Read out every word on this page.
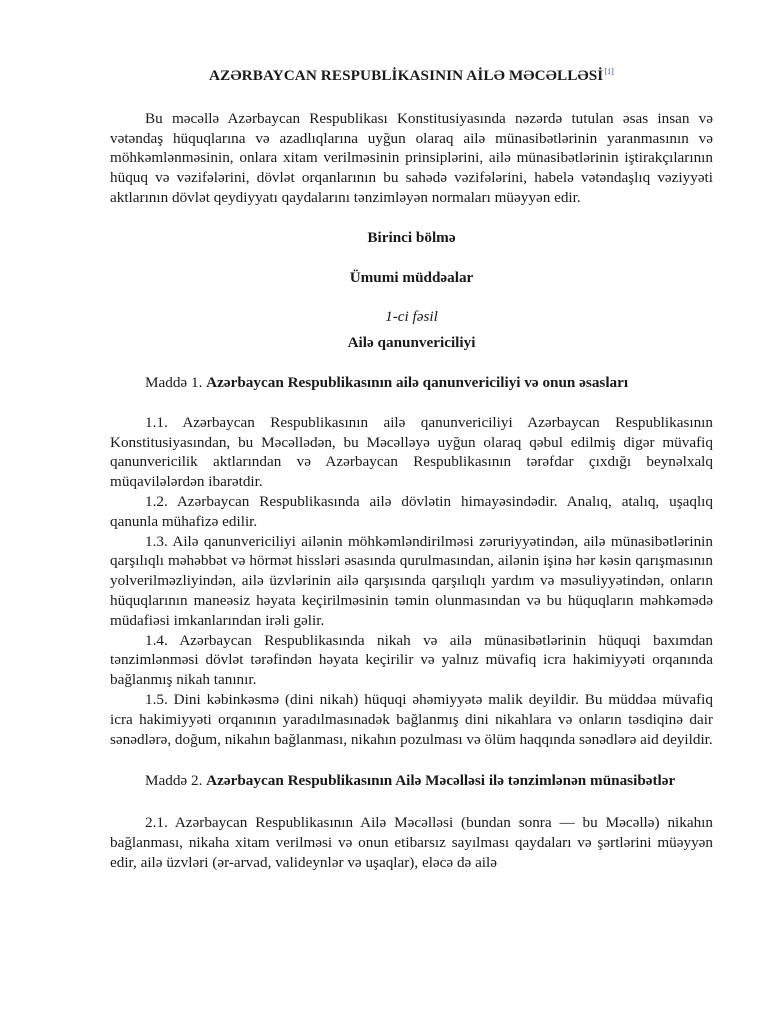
AZƏRBAYCAN RESPUBLİKASININ AİLƏ MƏCƏLLƏSİ[1]

Bu məcəllə Azərbaycan Respublikası Konstitusiyasında nəzərdə tutulan əsas insan və vətəndaş hüquqlarına və azadlıqlarına uyğun olaraq ailə münasibətlərinin yaranmasının və möhkəmlənməsinin, onlara xitam verilməsinin prinsiplərini, ailə münasibətlərinin iştirakçılarının hüquq və vəzifələrini, dövlət orqanlarının bu sahədə vəzifələrini, habelə vətəndaşlıq vəziyyəti aktlarının dövlət qeydiyyatı qaydalarını tənzimləyən normaları müəyyən edir.

Birinci bölmə

Ümumi müddəalar

1-ci fəsil

Ailə qanunvericiliyi

Maddə 1. Azərbaycan Respublikasının ailə qanunvericiliyi və onun əsasları

1.1. Azərbaycan Respublikasının ailə qanunvericiliyi Azərbaycan Respublikasının Konstitusiyasından, bu Məcəllədən, bu Məcəlləyə uyğun olaraq qəbul edilmiş digər müvafiq qanunvericilik aktlarından və Azərbaycan Respublikasının tərəfdar çıxdığı beynəlxalq müqavilələrdən ibarətdir.

1.2. Azərbaycan Respublikasında ailə dövlətin himayəsindədir. Analıq, atalıq, uşaqlıq qanunla mühafizə edilir.

1.3. Ailə qanunvericiliyi ailənin möhkəmləndirilməsi zəruriyyətindən, ailə münasibətlərinin qarşılıqlı məhəbbət və hörmət hissləri əsasında qurulmasından, ailənin işinə hər kəsin qarışmasının yolverilməzliyindən, ailə üzvlərinin ailə qarşısında qarşılıqlı yardım və məsuliyyətindən, onların hüquqlarının maneəsiz həyata keçirilməsinin təmin olunmasından və bu hüquqların məhkəmədə müdafiəsi imkanlarından irəli gəlir.

1.4. Azərbaycan Respublikasında nikah və ailə münasibətlərinin hüquqi baxımdan tənzimlənməsi dövlət tərəfindən həyata keçirilir və yalnız müvafiq icra hakimiyyəti orqanında bağlanmış nikah tanınır.

1.5. Dini kəbinkəsmə (dini nikah) hüquqi əhəmiyyətə malik deyildir. Bu müddəa müvafiq icra hakimiyyəti orqanının yaradılmasınadək bağlanmış dini nikahlara və onların təsdiqinə dair sənədlərə, doğum, nikahın bağlanması, nikahın pozulması və ölüm haqqında sənədlərə aid deyildir.

Maddə 2. Azərbaycan Respublikasının Ailə Məcəlləsi ilə tənzimlənən münasibətlər

2.1. Azərbaycan Respublikasının Ailə Məcəlləsi (bundan sonra — bu Məcəllə) nikahın bağlanması, nikaha xitam verilməsi və onun etibarsız sayılması qaydaları və şərtlərini müəyyən edir, ailə üzvləri (ər-arvad, valideynlər və uşaqlar), eləcə də ailə
